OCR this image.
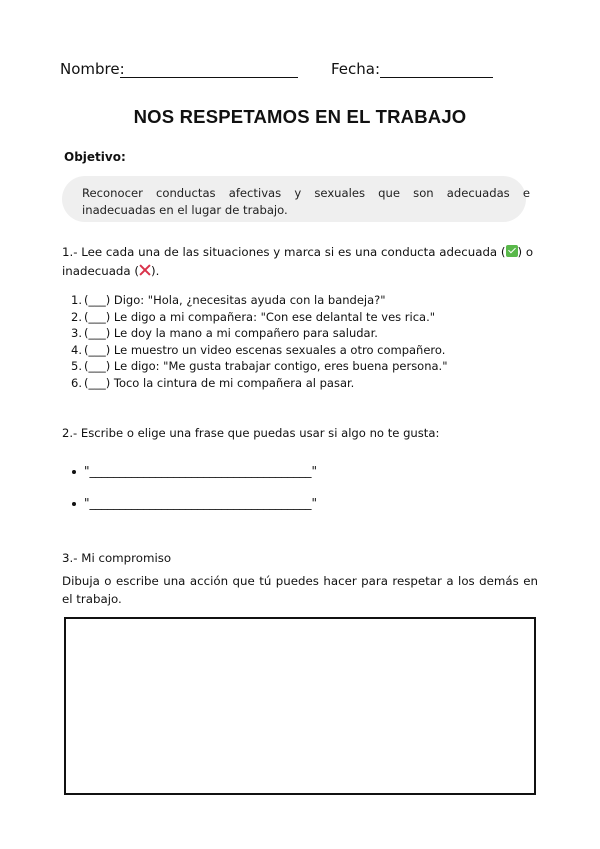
Nombre:	Fecha:
NOS RESPETAMOS EN EL TRABAJO
Objetivo:
Reconocer conductas afectivas y sexuales que son adecuadas e inadecuadas en el lugar de trabajo.
1.- Lee cada una de las situaciones y marca si es una conducta adecuada ( ) o inadecuada ( ).
1. (___) Digo: "Hola, ¿necesitas ayuda con la bandeja?"
2. (___) Le digo a mi compañera: "Con ese delantal te ves rica."
3. (___) Le doy la mano a mi compañero para saludar.
4. (___) Le muestro un video escenas sexuales a otro compañero.
5. (___) Le digo: "Me gusta trabajar contigo, eres buena persona."
6. (___) Toco la cintura de mi compañera al pasar.
2.- Escribe o elige una frase que puedas usar si algo no te gusta:
"_____________________________________"
"_____________________________________"
3.- Mi compromiso
Dibuja o escribe una acción que tú puedes hacer para respetar a los demás en el trabajo.
